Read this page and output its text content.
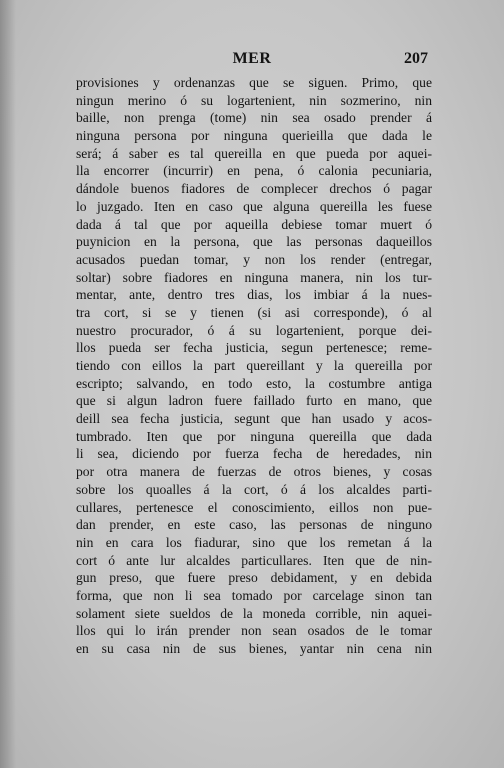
MER	207
provisiones y ordenanzas que se siguen. Primo, que
ningun merino ó su logartenient, nin sozmerino, nin
baille, non prenga (tome) nin sea osado prender á
ninguna persona por ninguna querieilla que dada le
será; á saber es tal quereilla en que pueda por aquei-
lla encorrer (incurrir) en pena, ó calonia pecuniaria,
dándole buenos fiadores de complecer drechos ó pagar
lo juzgado. Iten en caso que alguna quereilla les fuese
dada á tal que por aqueilla debiese tomar muert ó
puynicion en la persona, que las personas daqueillos
acusados puedan tomar, y non los render (entregar,
soltar) sobre fiadores en ninguna manera, nin los tur-
mentar, ante, dentro tres dias, los imbiar á la nues-
tra cort, si se y tienen (si asi corresponde), ó al
nuestro procurador, ó á su logartenient, porque dei-
llos pueda ser fecha justicia, segun pertenesce; reme-
tiendo con eillos la part quereillant y la quereilla por
escripto; salvando, en todo esto, la costumbre antiga
que si algun ladron fuere faillado furto en mano, que
deill sea fecha justicia, segunt que han usado y acos-
tumbrado. Iten que por ninguna quereilla que dada
li sea, diciendo por fuerza fecha de heredades, nin
por otra manera de fuerzas de otros bienes, y cosas
sobre los quoalles á la cort, ó á los alcaldes parti-
cullares, pertenesce el conoscimiento, eillos non pue-
dan prender, en este caso, las personas de ninguno
nin en cara los fiadurar, sino que los remetan á la
cort ó ante lur alcaldes particullares. Iten que de nin-
gun preso, que fuere preso debidament, y en debida
forma, que non li sea tomado por carcelage sinon tan
solament siete sueldos de la moneda corrible, nin aquei-
llos qui lo irán prender non sean osados de le tomar
en su casa nin de sus bienes, yantar nin cena nin
